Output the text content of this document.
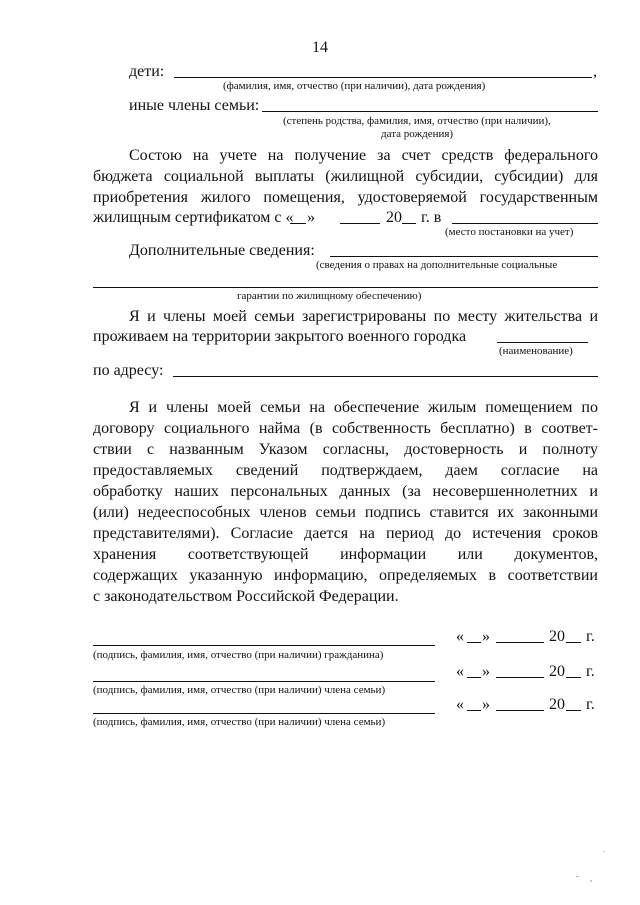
14
дети:	,
(фамилия, имя, отчество (при наличии), дата рождения)
иные члены семьи:
(степень родства, фамилия, имя, отчество (при наличии),
дата рождения)
Состою на учете на получение за счет средств федерального
бюджета социальной выплаты (жилищной субсидии, субсидии) для
приобретения жилого помещения, удостоверяемой государственным
жилищным сертификатом с « »	20 г. в
(место постановки на учет)
Дополнительные сведения:
(сведения о правах на дополнительные социальные
гарантии по жилищному обеспечению)
Я и члены моей семьи зарегистрированы по месту жительства и
проживаем на территории закрытого военного городка
(наименование)
по адресу:
Я и члены моей семьи на обеспечение жилым помещением по
договору социального найма (в собственность бесплатно) в соответ-
ствии с названным Указом согласны, достоверность и полноту
предоставляемых сведений подтверждаем, даем согласие на
обработку наших персональных данных (за несовершеннолетних и
(или) недееспособных членов семьи подпись ставится их законными
представителями). Согласие дается на период до истечения сроков
хранения соответствующей информации или документов,
содержащих указанную информацию, определяемых в соответствии
с законодательством Российской Федерации.
(подпись, фамилия, имя, отчество (при наличии) гражданина)
« »	20 г.
(подпись, фамилия, имя, отчество (при наличии) члена семьи)
« »	20 г.
(подпись, фамилия, имя, отчество (при наличии) члена семьи)
« »	20 г.
